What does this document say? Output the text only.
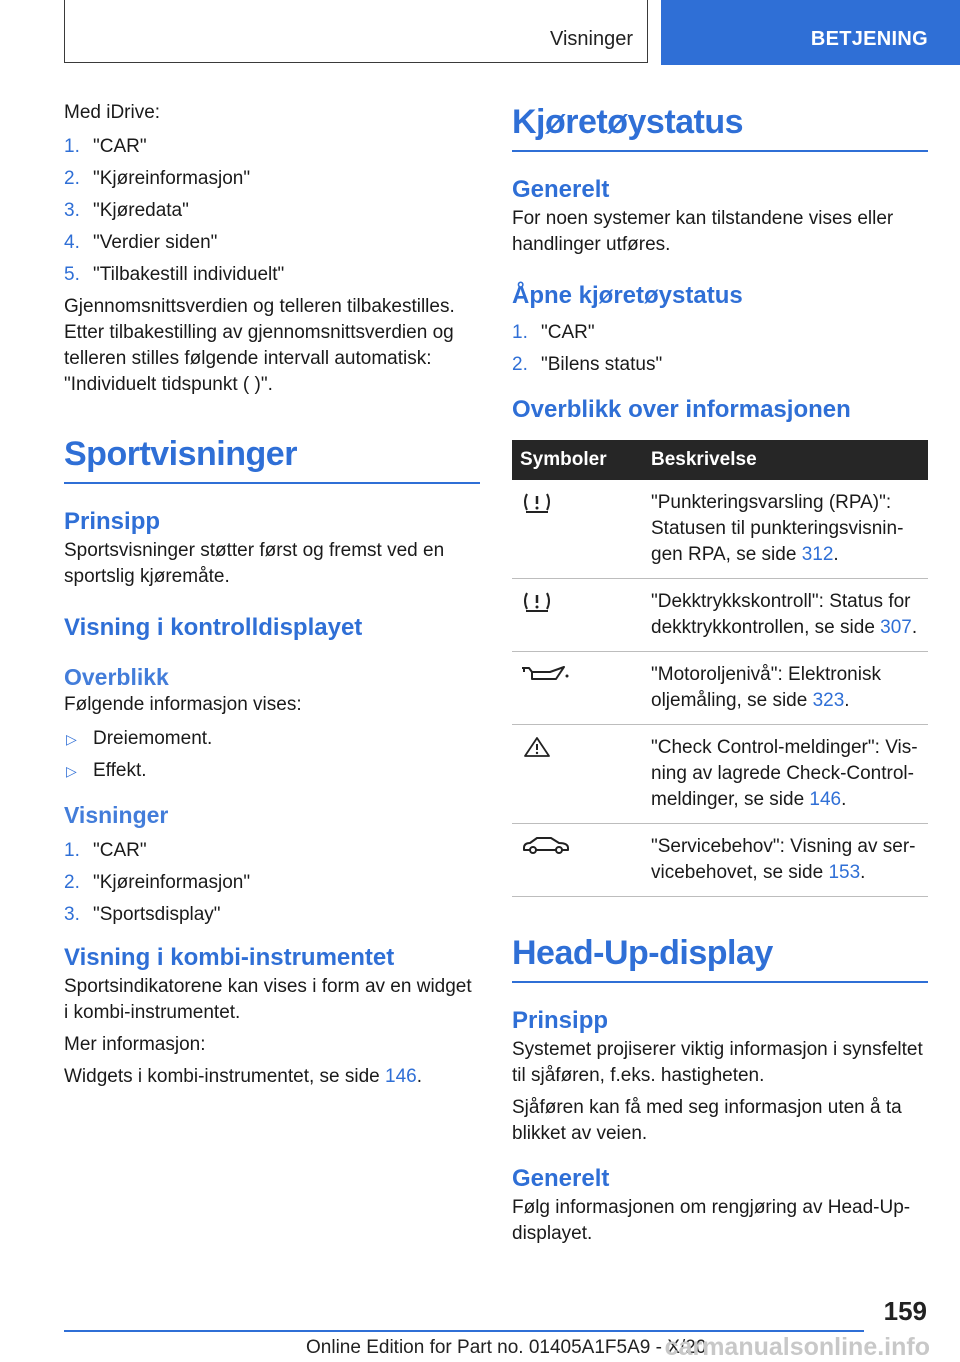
Visninger	BETJENING

Med iDrive:

1. "CAR"
2. "Kjøreinformasjon"
3. "Kjøredata"
4. "Verdier siden"
5. "Tilbakestill individuelt"

Gjennomsnittsverdien og telleren tilbakestilles. Etter tilbakestilling av gjennomsnittsverdien og telleren stilles følgende intervall automatisk: "Individuelt tidspunkt ( )".

Sportvisninger
Prinsipp

Sportsvisninger støtter først og fremst ved en sportslig kjøremåte.

Visning i kontrolldisplayet
Overblikk

Følgende informasjon vises:

▷ Dreiemoment.
▷ Effekt.
Visninger
1. "CAR"
2. "Kjøreinformasjon"
3. "Sportsdisplay"
Visning i kombi-instrumentet

Sportsindikatorene kan vises i form av en widget i kombi-instrumentet.

Mer informasjon:

Widgets i kombi-instrumentet, se side 146.

Kjøretøystatus
Generelt

For noen systemer kan tilstandene vises eller handlinger utføres.

Åpne kjøretøystatus
1. "CAR"
2. "Bilens status"
Overblikk over informasjonen
Symboler	Beskrivelse
	"Punkteringsvarsling (RPA)": Statusen til punkteringsvisningen RPA, se side 312.
	"Dekktrykkskontroll": Status for dekktrykkontrollen, se side 307.
	"Motoroljenivå": Elektronisk oljemåling, se side 323.
	"Check Control-meldinger": Visning av lagrede Check-Control-meldinger, se side 146.
	"Servicebehov": Visning av servicebehovet, se side 153.
Head-Up-display
Prinsipp

Systemet projiserer viktig informasjon i synsfeltet til sjåføren, f.eks. hastigheten.

Sjåføren kan få med seg informasjon uten å ta blikket av veien.

Generelt

Følg informasjonen om rengjøring av Head-Up-displayet.

159
Online Edition for Part no. 01405A1F5A9 - X/20
carmanualsonline.info
